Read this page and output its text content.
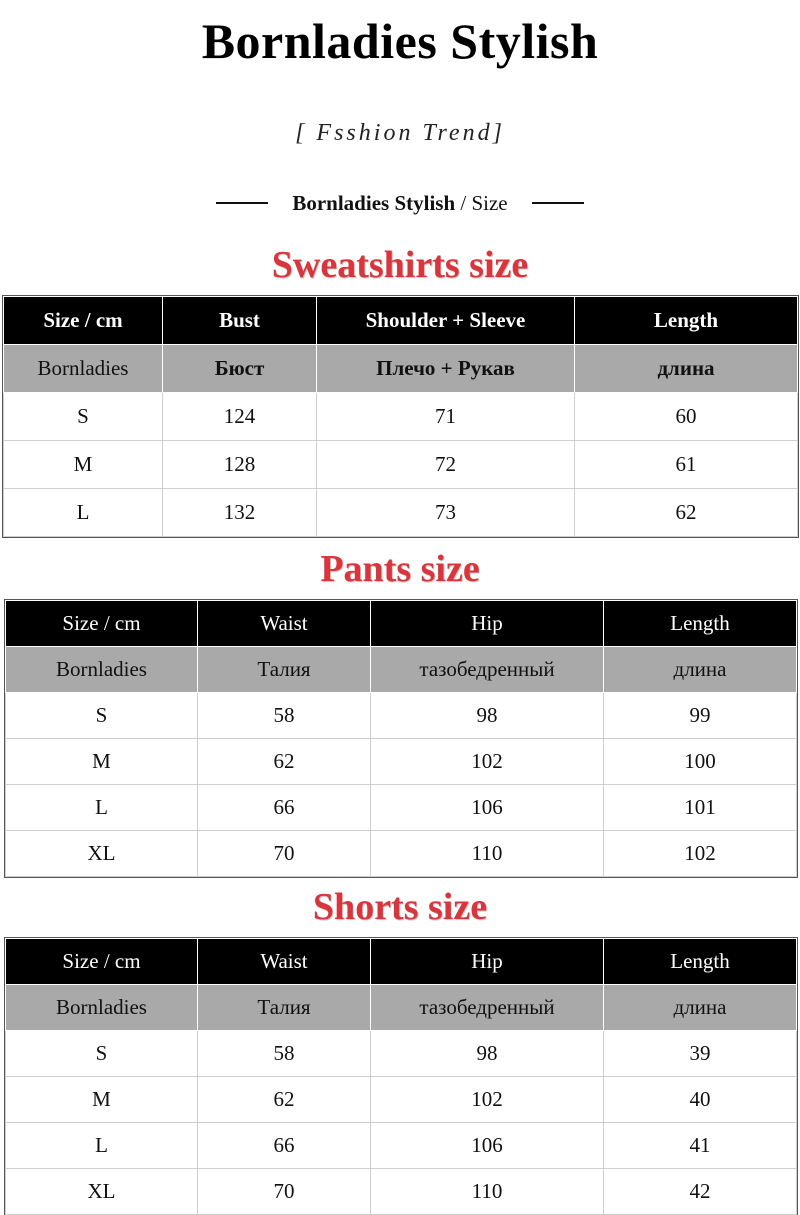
Bornladies Stylish
[ Fsshion Trend]
Bornladies Stylish / Size
Sweatshirts size
Size / cm	Bust	Shoulder + Sleeve	Length
Bornladies	Бюст	Плечо + Рукав	длина
S	124	71	60
M	128	72	61
L	132	73	62
Pants size
Size / cm	Waist	Hip	Length
Bornladies	Талия	тазобедренный	длина
S	58	98	99
M	62	102	100
L	66	106	101
XL	70	110	102
Shorts size
Size / cm	Waist	Hip	Length
Bornladies	Талия	тазобедренный	длина
S	58	98	39
M	62	102	40
L	66	106	41
XL	70	110	42
